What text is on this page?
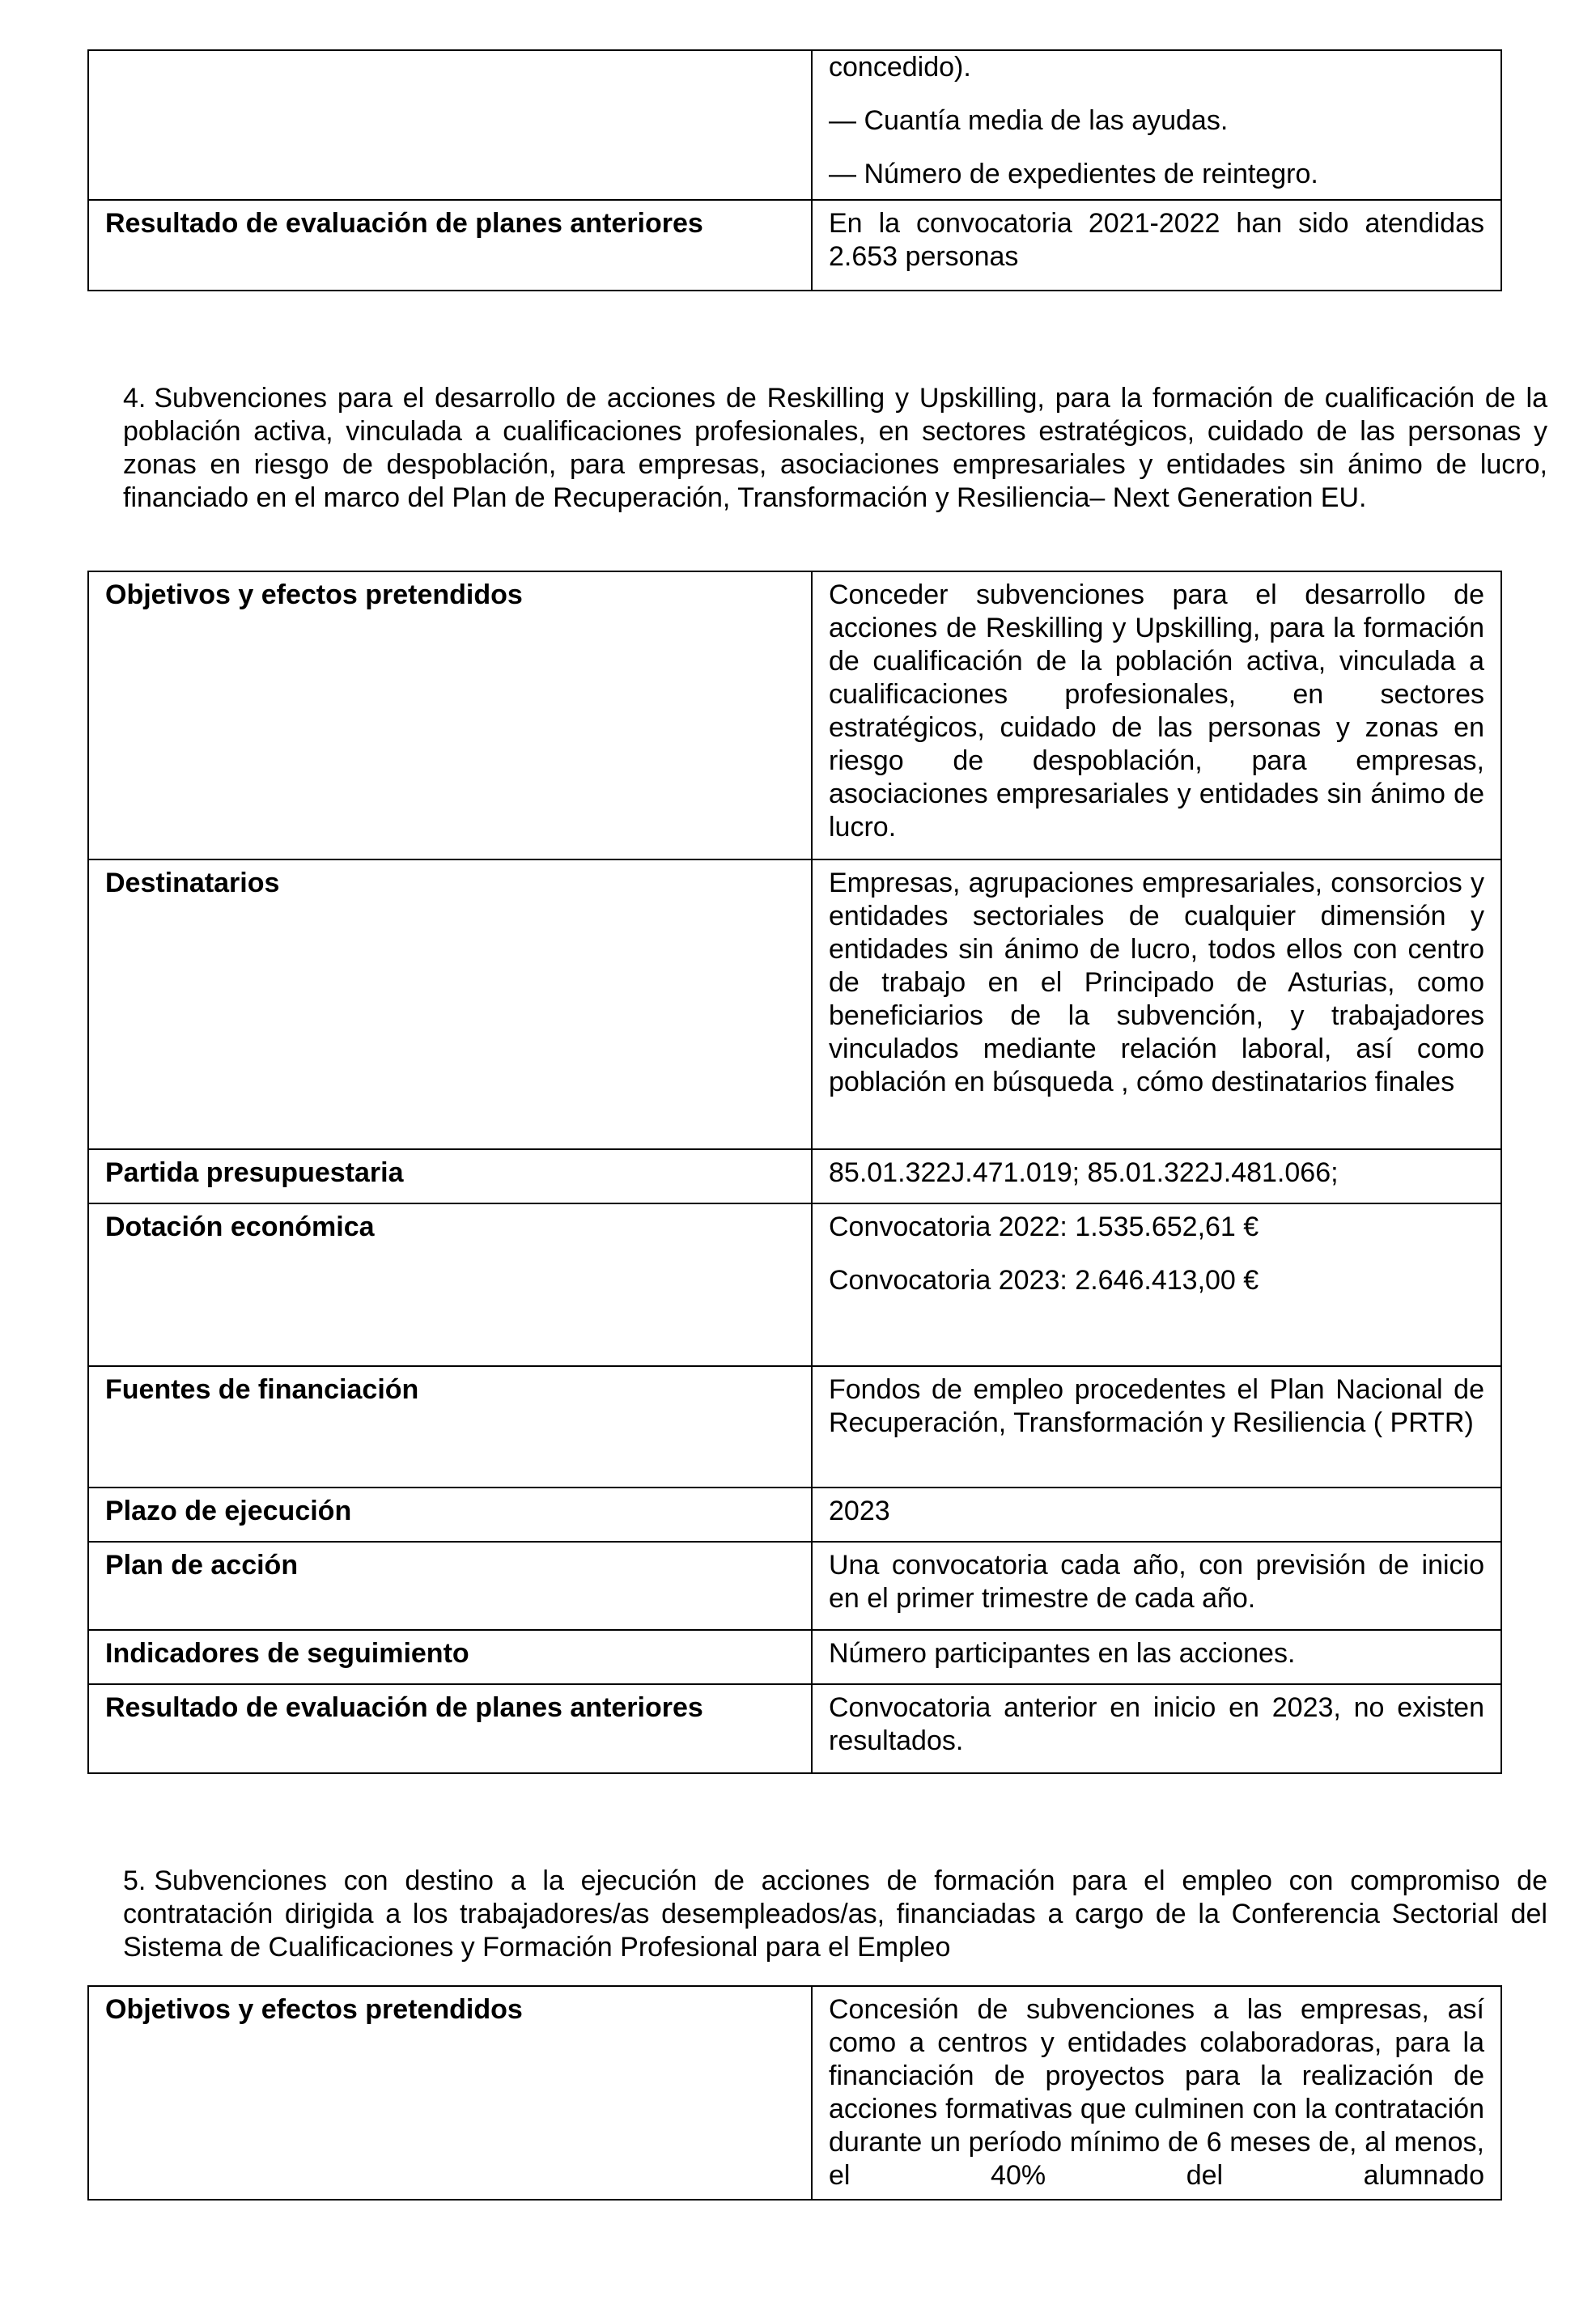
	concedido).

— Cuantía media de las ayudas.

— Número de expedientes de reintegro.

Resultado de evaluación de planes anteriores	En la convocatoria 2021-2022 han sido atendidas 2.653 personas

4. Subvenciones para el desarrollo de acciones de Reskilling y Upskilling, para la formación de cualificación de la población activa, vinculada a cualificaciones profesionales, en sectores estratégicos, cuidado de las personas y zonas en riesgo de despoblación, para empresas, asociaciones empresariales y entidades sin ánimo de lucro, financiado en el marco del Plan de Recuperación, Transformación y Resiliencia– Next Generation EU.

Objetivos y efectos pretendidos	Conceder subvenciones para el desarrollo de acciones de Reskilling y Upskilling, para la formación de cualificación de la población activa, vinculada a cualificaciones profesionales, en sectores estratégicos, cuidado de las personas y zonas en riesgo de despoblación, para empresas, asociaciones empresariales y entidades sin ánimo de lucro.

Destinatarios	Empresas, agrupaciones empresariales, consorcios y entidades sectoriales de cualquier dimensión y entidades sin ánimo de lucro, todos ellos con centro de trabajo en el Principado de Asturias, como beneficiarios de la subvención, y trabajadores vinculados mediante relación laboral, así como población en búsqueda , cómo destinatarios finales

Partida presupuestaria	85.01.322J.471.019; 85.01.322J.481.066;

Dotación económica	Convocatoria 2022: 1.535.652,61 €

Convocatoria 2023: 2.646.413,00 €

Fuentes de financiación	Fondos de empleo procedentes el Plan Nacional de Recuperación, Transformación y Resiliencia ( PRTR)

Plazo de ejecución	2023

Plan de acción	Una convocatoria cada año, con previsión de inicio en el primer trimestre de cada año.

Indicadores de seguimiento	Número participantes en las acciones.

Resultado de evaluación de planes anteriores	Convocatoria anterior en inicio en 2023, no existen resultados.

5. Subvenciones con destino a la ejecución de acciones de formación para el empleo con compromiso de contratación dirigida a los trabajadores/as desempleados/as, financiadas a cargo de la Conferencia Sectorial del Sistema de Cualificaciones y Formación Profesional para el Empleo

Objetivos y efectos pretendidos	Concesión de subvenciones a las empresas, así como a centros y entidades colaboradoras, para la financiación de proyectos para la realización de acciones formativas que culminen con la contratación durante un período mínimo de 6 meses de, al menos, el 40% del alumnado
